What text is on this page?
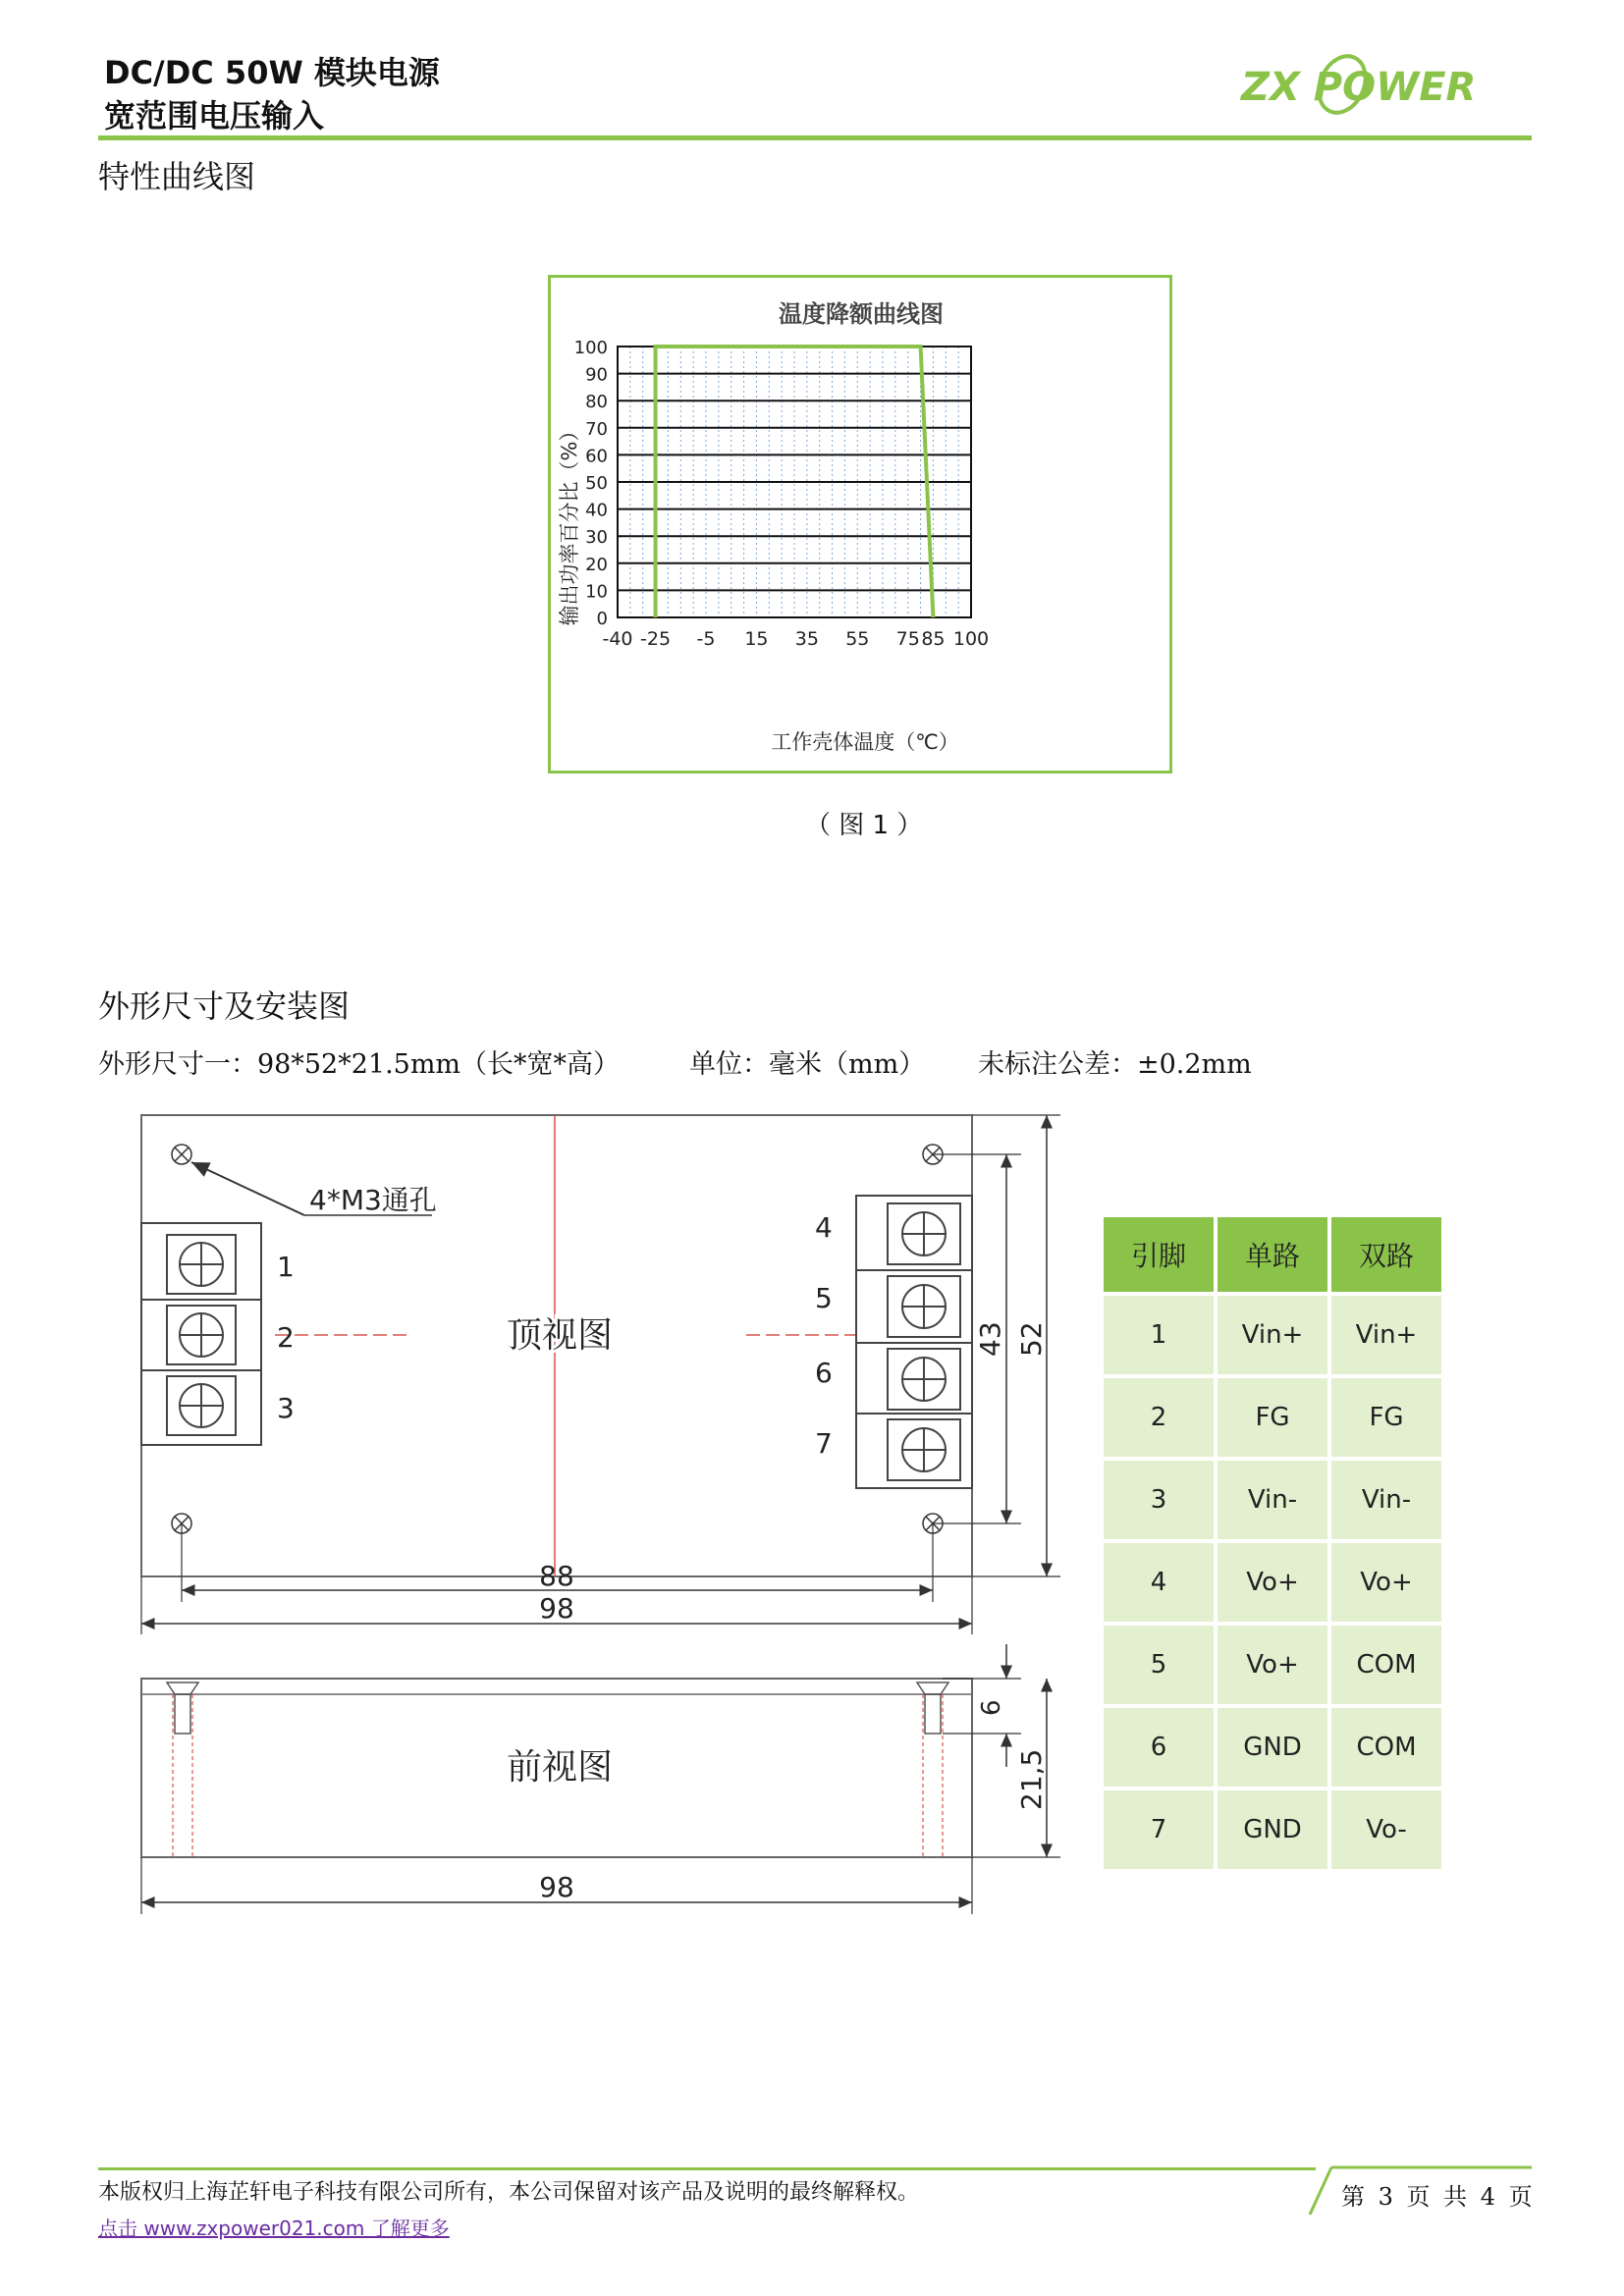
DC/DC 50W 模块电源
宽范围电压输入
ZX POWER
特性曲线图
温度降额曲线图
100
90
80
70
60
50
40
30
20
10
0
-40 -25 -5 15 35 55 75 85 100
工作壳体温度（℃）
输出功率百分比（%）
（ 图 1 ）
外形尺寸及安装图
外形尺寸一：98*52*21.5mm（长*宽*高）	单位：毫米（mm） 未标注公差：±0.2mm
4*M3通孔
1
2
3
4
5
6
7
顶视图	43 52
88
98
前视图
6
21,5
98
引脚	单路	双路
1	Vin+	Vin+
2	FG	FG
3	Vin-	Vin-
4	Vo+	Vo+
5	Vo+	COM
6	GND	COM
7	GND	Vo-
本版权归上海芷轩电子科技有限公司所有，本公司保留对该产品及说明的最终解释权。
点击 www.zxpower021.com 了解更多
第 3 页 共 4 页
